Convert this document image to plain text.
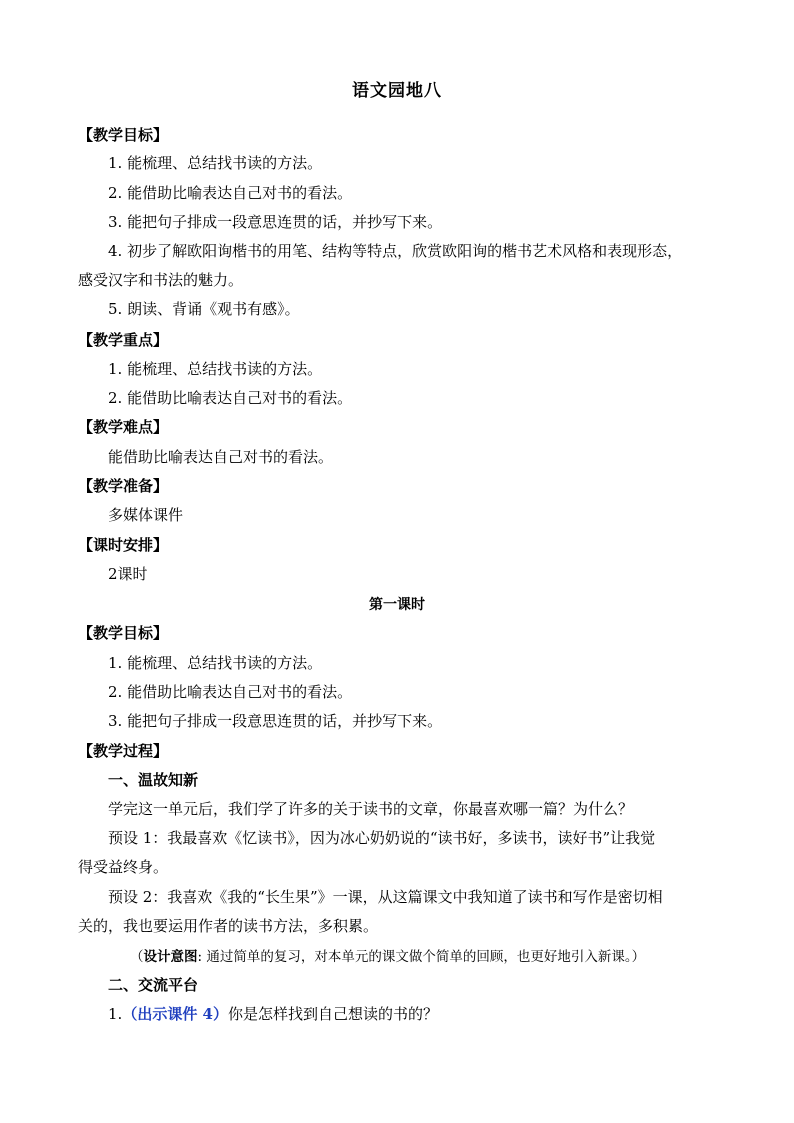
语文园地八
【教学目标】
1. 能梳理、总结找书读的方法。
2. 能借助比喻表达自己对书的看法。
3. 能把句子排成一段意思连贯的话，并抄写下来。
4. 初步了解欧阳询楷书的用笔、结构等特点，欣赏欧阳询的楷书艺术风格和表现形态，
感受汉字和书法的魅力。
5. 朗读、背诵《观书有感》。
【教学重点】
1. 能梳理、总结找书读的方法。
2. 能借助比喻表达自己对书的看法。
【教学难点】
能借助比喻表达自己对书的看法。
【教学准备】
多媒体课件
【课时安排】
2课时
第一课时
【教学目标】
1. 能梳理、总结找书读的方法。
2. 能借助比喻表达自己对书的看法。
3. 能把句子排成一段意思连贯的话，并抄写下来。
【教学过程】
一、温故知新
学完这一单元后，我们学了许多的关于读书的文章，你最喜欢哪一篇？为什么？
预设 1：我最喜欢《忆读书》，因为冰心奶奶说的“读书好，多读书，读好书”让我觉
得受益终身。
预设 2：我喜欢《我的“长生果”》一课，从这篇课文中我知道了读书和写作是密切相
关的，我也要运用作者的读书方法，多积累。
（设计意图: 通过简单的复习，对本单元的课文做个简单的回顾，也更好地引入新课。）
二、交流平台
1.（出示课件 4）你是怎样找到自己想读的书的？
